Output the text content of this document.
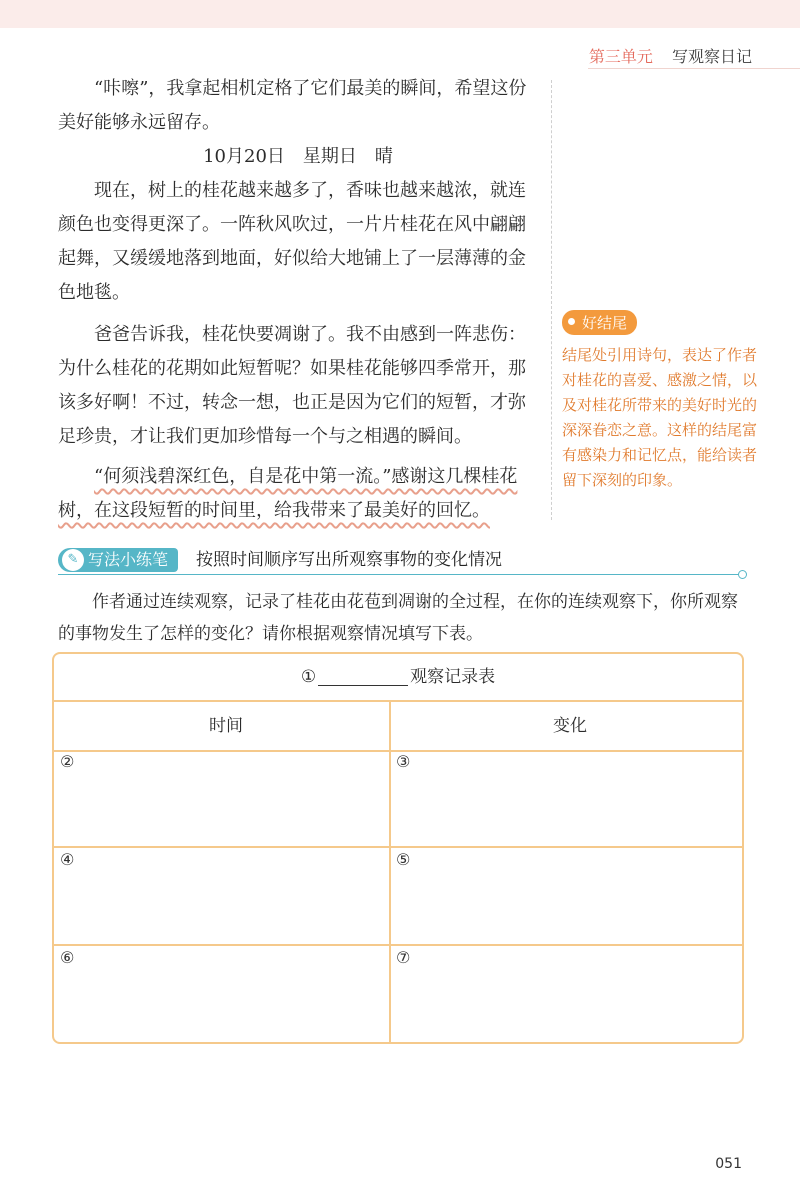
第三单元 写观察日记

“咔嚓”，我拿起相机定格了它们最美的瞬间，希望这份美好能够永远留存。

10月20日　星期日　晴

现在，树上的桂花越来越多了，香味也越来越浓，就连颜色也变得更深了。一阵秋风吹过，一片片桂花在风中翩翩起舞，又缓缓地落到地面，好似给大地铺上了一层薄薄的金色地毯。

爸爸告诉我，桂花快要凋谢了。我不由感到一阵悲伤：为什么桂花的花期如此短暂呢？如果桂花能够四季常开，那该多好啊！不过，转念一想，也正是因为它们的短暂，才弥足珍贵，才让我们更加珍惜每一个与之相遇的瞬间。

“何须浅碧深红色，自是花中第一流。”感谢这几棵桂花树，在这段短暂的时间里，给我带来了最美好的回忆。

好结尾
结尾处引用诗句，表达了作者对桂花的喜爱、感激之情，以及对桂花所带来的美好时光的深深眷恋之意。这样的结尾富有感染力和记忆点，能给读者留下深刻的印象。
✎ 写法小练笔	按照时间顺序写出所观察事物的变化情况

作者通过连续观察，记录了桂花由花苞到凋谢的全过程，在你的连续观察下，你所观察的事物发生了怎样的变化？请你根据观察情况填写下表。

①	观察记录表
时间	变化
②	③
④	⑤
⑥	⑦
051
